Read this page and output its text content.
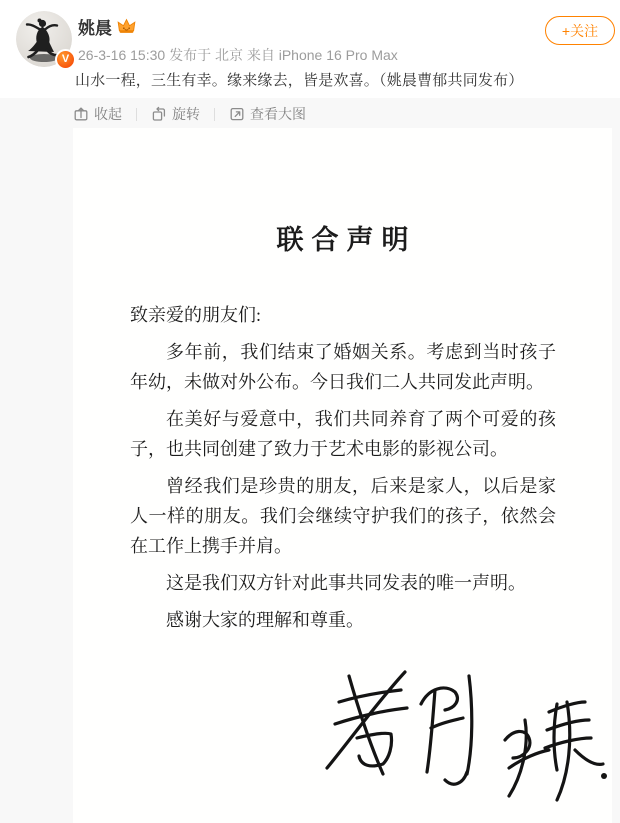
V
姚晨
26-3-16 15:30 发布于 北京 来自 iPhone 16 Pro Max
山水一程，三生有幸。缘来缘去，皆是欢喜。（姚晨曹郁共同发布）
+关注
收起	旋转	查看大图
联合声明

致亲爱的朋友们:

多年前，我们结束了婚姻关系。考虑到当时孩子年幼，未做对外公布。今日我们二人共同发此声明。

在美好与爱意中，我们共同养育了两个可爱的孩子，也共同创建了致力于艺术电影的影视公司。

曾经我们是珍贵的朋友，后来是家人，以后是家人一样的朋友。我们会继续守护我们的孩子，依然会在工作上携手并肩。

这是我们双方针对此事共同发表的唯一声明。

感谢大家的理解和尊重。
